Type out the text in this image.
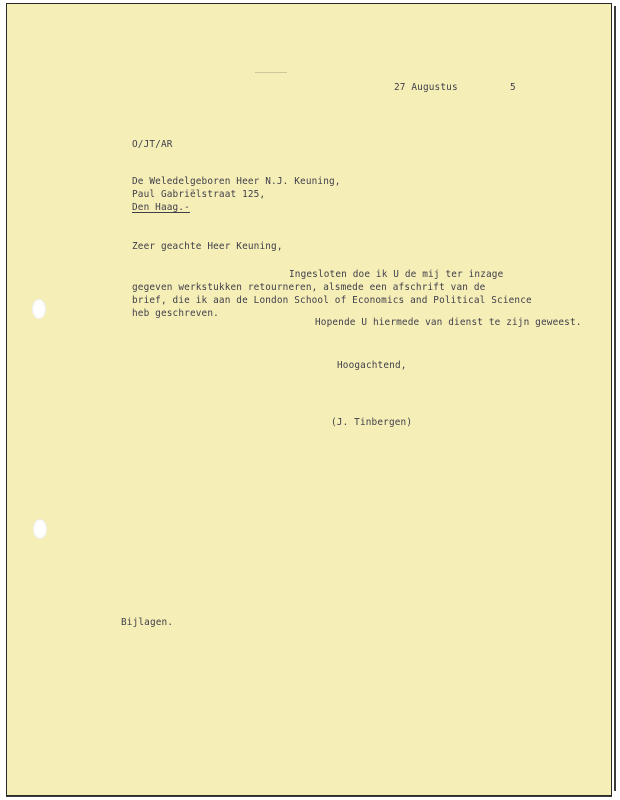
27 Augustus	5

O/JT/AR

De Weledelgeboren Heer N.J. Keuning,

Paul Gabriëlstraat 125,

Den Haag.-

Zeer geachte Heer Keuning,

Ingesloten doe ik U de mij ter inzage

gegeven werkstukken retourneren, alsmede een afschrift van de

brief, die ik aan de London School of Economics and Political Science

heb geschreven.

Hopende U hiermede van dienst te zijn geweest.

Hoogachtend,

(J. Tinbergen)

Bijlagen.
